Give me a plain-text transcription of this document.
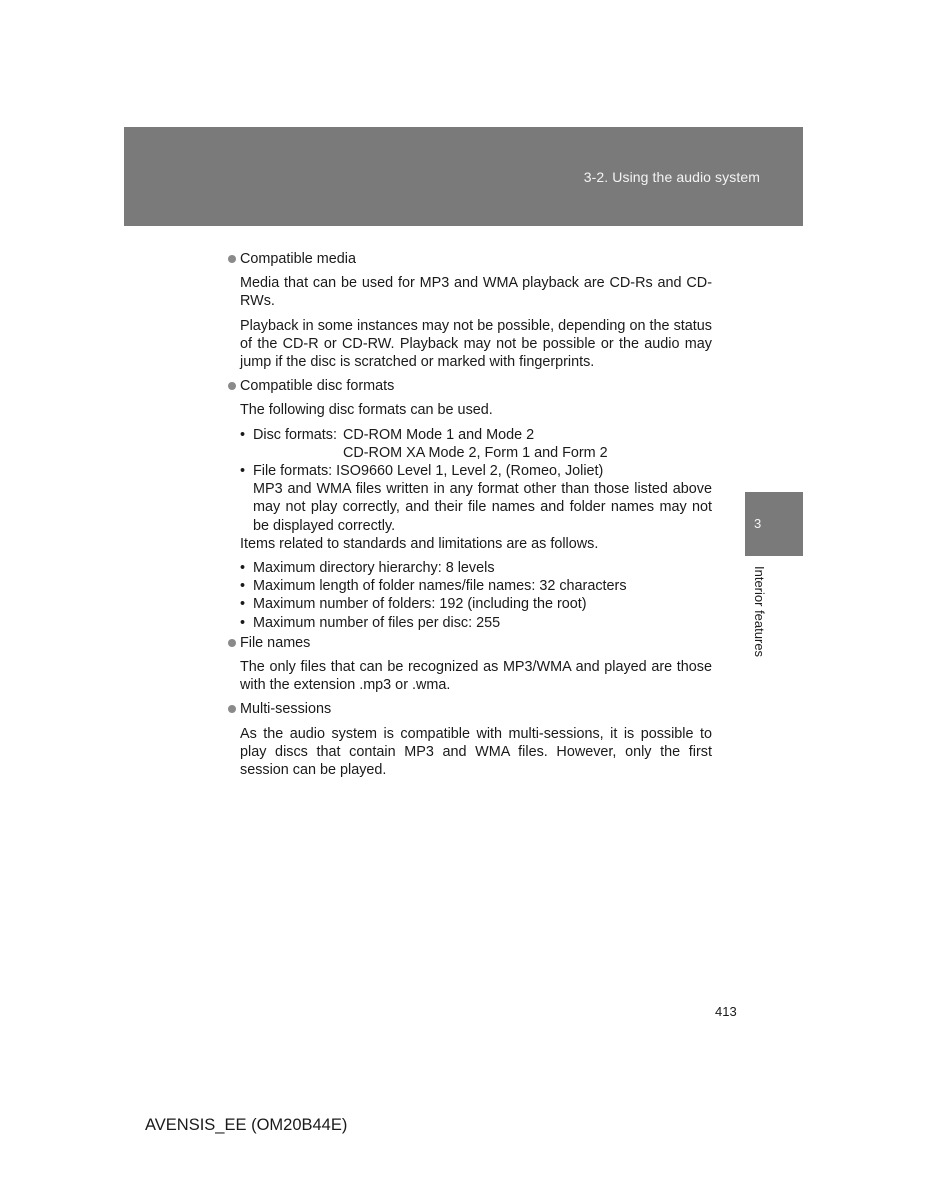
3-2. Using the audio system
3
Interior features
Compatible media

Media that can be used for MP3 and WMA playback are CD-Rs and CD-RWs.

Playback in some instances may not be possible, depending on the status of the CD-R or CD-RW. Playback may not be possible or the audio may jump if the disc is scratched or marked with fingerprints.

Compatible disc formats

The following disc formats can be used.

• Disc formats: CD-ROM Mode 1 and Mode 2
CD-ROM XA Mode 2, Form 1 and Form 2
• File formats: ISO9660 Level 1, Level 2, (Romeo, Joliet)
MP3 and WMA files written in any format other than those listed above may not play correctly, and their file names and folder names may not be displayed correctly.

Items related to standards and limitations are as follows.

• Maximum directory hierarchy: 8 levels
• Maximum length of folder names/file names: 32 characters
• Maximum number of folders: 192 (including the root)
• Maximum number of files per disc: 255
File names

The only files that can be recognized as MP3/WMA and played are those with the extension .mp3 or .wma.

Multi-sessions

As the audio system is compatible with multi-sessions, it is possible to play discs that contain MP3 and WMA files. However, only the first session can be played.

413
AVENSIS_EE (OM20B44E)
